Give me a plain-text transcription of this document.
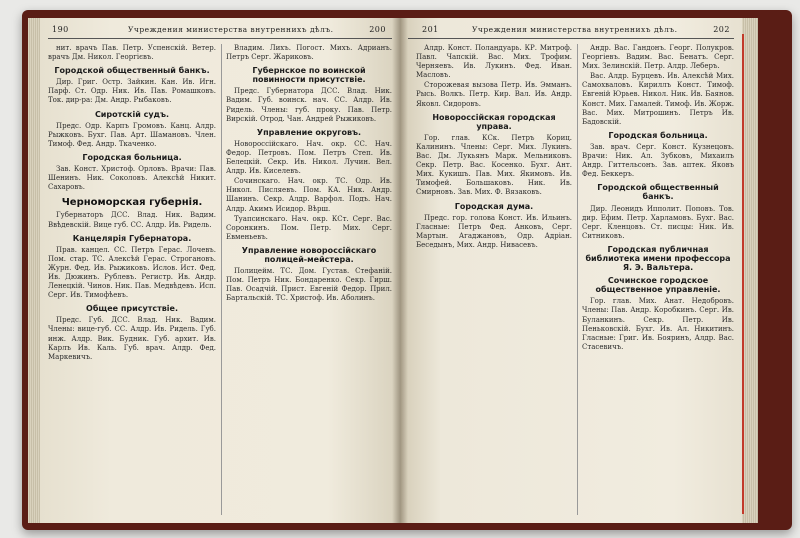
190	Учреждения министерства внутреннихъ дѣлъ.	200

нит. врачъ Пав. Петр. Успенскій. Ветер. врачъ Дм. Никол. Георгієвъ.

Городской общественный банкъ.

Дир. Григ. Остр. Зайкин. Кан. Ив. Игн. Парф. Ст. Одр. Ник. Ив. Пав. Ромашковъ. Ток. дир-ра: Дм. Андр. Рыбаковъ.

Сиротскій судъ.

Предс. Одр. Карпъ Громовъ. Канц. Алдр. Рыжковъ. Бухг. Пав. Арт. Шамановъ. Член. Тимоф. Фед. Андр. Ткаченко.

Городская больница.

Зав. Конст. Христоф. Орловъ. Врачи: Пав. Шенинъ. Ник. Соколовъ. Алексѣй Никит. Сахаровъ.

Черноморская губернія.

Губернаторъ ДСС. Влад. Ник. Вадим. Ввѣдевскій. Вице губ. СС. Алдр. Ив. Ридель.

Канцелярія Губернатора.

Прав. канцел. СС. Петръ Герас. Лочевъ. Пом. стар. ТС. Алексѣй Герас. Строгановъ. Журн. Фед. Ив. Рыжиковъ. Ислов. Ист. Фед. Ив. Дюжинъ. Рублевъ. Регистр. Ив. Андр. Ленецкій. Чинов. Ник. Пав. Медвѣдевъ. Исп. Серг. Ив. Тимофѣевъ.

Общее присутствіе.

Предс. Губ. ДСС. Влад. Ник. Вадим. Члены: вице-губ. СС. Алдр. Ив. Ридель. Губ. инж. Алдр. Вик. Будник. Губ. архит. Ив. Карлъ Ив. Каль. Губ. врач. Алдр. Фед. Маркевичъ.

Владим. Лихъ. Погост. Михъ. Адрианъ. Петръ Серг. Жариковъ.

Губернское по воинской повинности присутствіе.

Предс. Губернатора ДСС. Влад. Ник. Вадим. Губ. воинск. нач. СС. Алдр. Ив. Ридель. Члены: губ. проку. Пав. Петр. Вирскій. Отрод. Чан. Андрей Рыжиковъ.

Управление округовъ.

Новороссійскаго. Нач. окр. СС. Нач. Федор. Петровъ. Пом. Петръ Степ. Ив. Белецкій. Секр. Ив. Никол. Лучин. Вел. Алдр. Ив. Киселевъ.

Сочинскаго. Нач. окр. ТС. Одр. Ив. Никол. Писляевъ. Пом. КА. Ник. Андр. Шанинъ. Секр. Алдр. Варфол. Подъ. Нач. Алдр. Акимъ Исидор. Вѣрш.

Туапсинскаго. Нач. окр. КСт. Серг. Вас. Соронкинъ. Пом. Петр. Мих. Серг. Евменьевъ.

Управление новороссійскаго полицей-мейстера.

Полицейм. ТС. Дом. Густав. Стефаній. Пом. Петръ Ник. Бондаренко. Секр. Гирш. Пав. Осадчій. Прист. Евгеній Федор. Прил. Бартальскій. ТС. Христоф. Ив. Аболинъ.

201	Учреждения министерства внутреннихъ дѣлъ.	202

Алдр. Конст. Поландуарь. КР. Митроф. Павл. Чапскій. Вас. Мих. Трофим. Черняевъ. Ив. Лукинъ. Фед. Иван. Масловъ.

Сторожевая вызова Петр. Ив. Эмманъ. Рысь. Волкъ. Петр. Кир. Вал. Ив. Андр. Яковл. Сидоровъ.

Новороссійская городская управа.

Гор. глав. КСк. Петръ Кориц. Калининъ. Члены: Серг. Мих. Лукинъ. Вас. Дм. Лукьянъ Марк. Мельниковъ. Секр. Петр. Вас. Косенко. Бухг. Ант. Мих. Кукишъ. Пав. Мих. Якимовъ. Ив. Тимофей. Большаковъ. Ник. Ив. Смирновъ. Зав. Мих. Ф. Вязаковъ.

Городская дума.

Предс. гор. голова Конст. Ив. Ильинъ. Гласные: Петръ Фед. Анковъ, Серг. Мартын. Агаджановъ, Одр. Адріан. Беседынъ, Мих. Андр. Нивасевъ.

Андр. Вас. Гандонъ. Георг. Полукров. Георгіевъ. Вадим. Вас. Бенатъ. Серг. Мих. Зелинскій. Петр. Алдр. Леберъ.

Вас. Алдр. Бурцевъ. Ив. Алексѣй Мих. Самохваловъ. Кириллъ Конст. Тимоф. Евгеній Юрьев. Никол. Ник. Ив. Баянов. Конст. Мих. Гамалей. Тимоф. Ив. Жорж. Вас. Мих. Митрошинъ. Петръ Ив. Бадовскій.

Городская больница.

Зав. врач. Серг. Конст. Кузнецовъ. Врачи: Ник. Ал. Зубковъ, Михаилъ Андр. Гиттельсонъ. Зав. аптек. Яковъ Фед. Беккеръ.

Городской общественный банкъ.

Дир. Леонидъ Ипполит. Поповъ. Тов. дир. Ефим. Петр. Харламовъ. Бухг. Вас. Серг. Кленцовъ. Ст. писцы: Ник. Ив. Ситниковъ.

Городская публичная библиотека имени профессора Я. Э. Вальтера.

Сочинское городское общественное управленіе.

Гор. глав. Мих. Анат. Недобровъ. Члены: Пав. Андр. Коробкинъ. Серг. Ив. Буланкинъ. Секр. Петр. Ив. Пеньковскій. Бухг. Ив. Ал. Никитинъ. Гласные: Григ. Ив. Бояринъ, Алдр. Вас. Стасевичъ.
